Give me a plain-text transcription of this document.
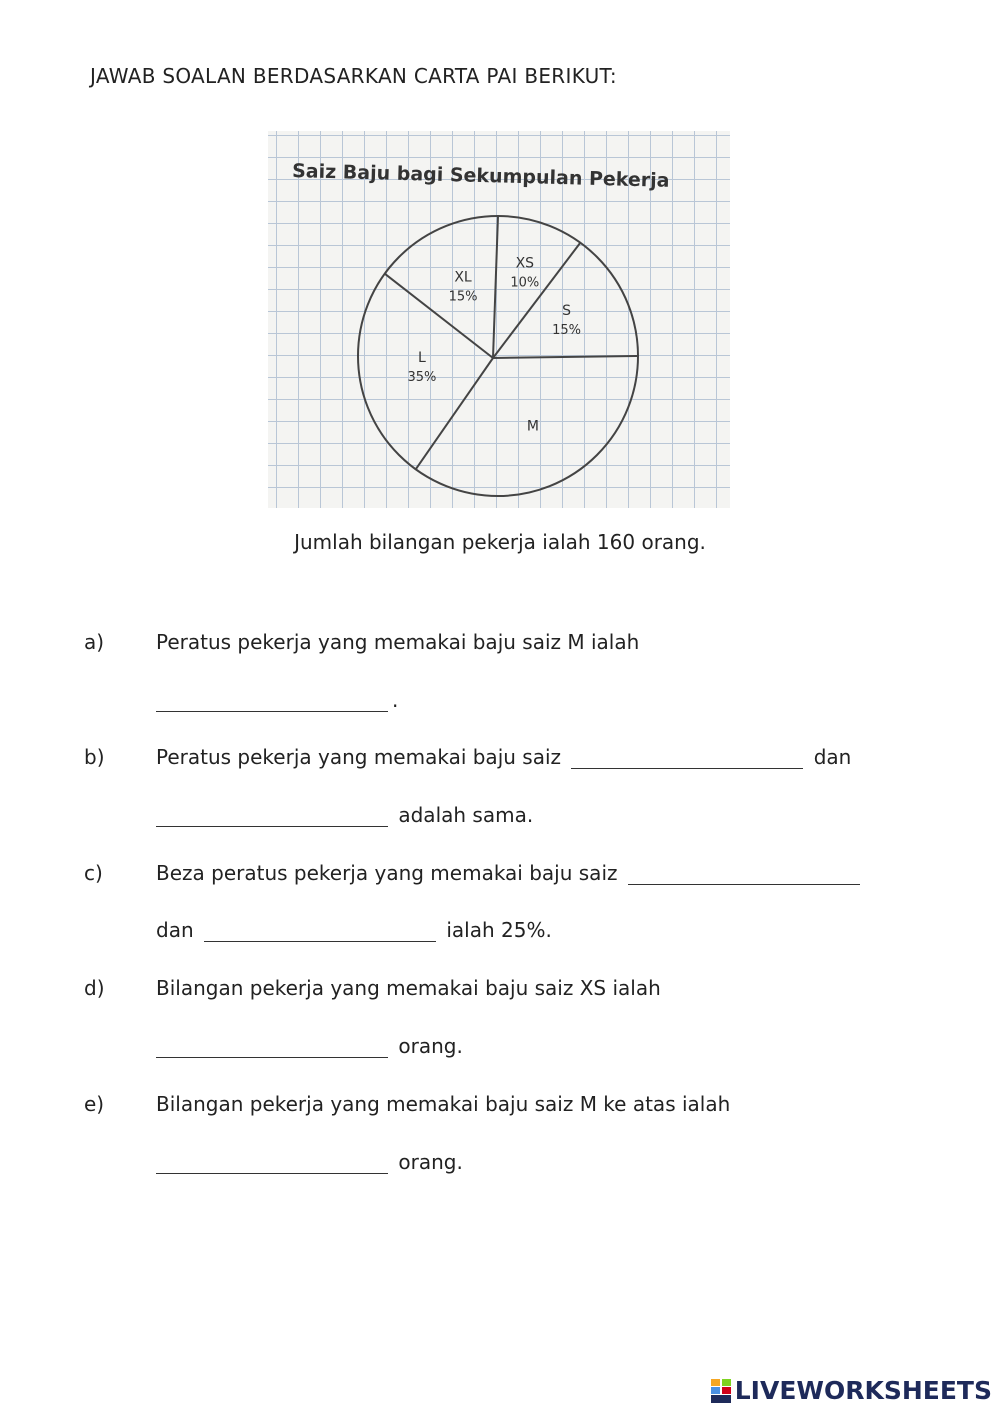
JAWAB SOALAN BERDASARKAN CARTA PAI BERIKUT:
Saiz Baju bagi Sekumpulan Pekerja
XS
10%
S
15%
M
L
35%
XL
15%
Jumlah bilangan pekerja ialah 160 orang.
a)	Peratus pekerja yang memakai baju saiz M ialah
.
b)	Peratus pekerja yang memakai baju saiz	dan
adalah sama.
c)	Beza peratus pekerja yang memakai baju saiz
dan	ialah 25%.
d)	Bilangan pekerja yang memakai baju saiz XS ialah
orang.
e)	Bilangan pekerja yang memakai baju saiz M ke atas ialah
orang.
LIVEWORKSHEETS
